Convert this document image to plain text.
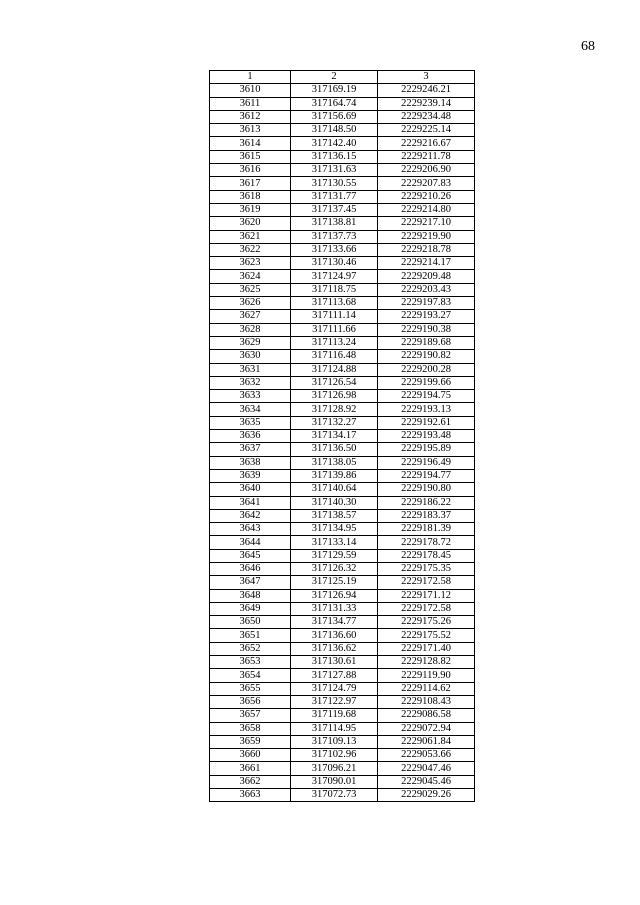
68
1	2	3
3610	317169.19	2229246.21
3611	317164.74	2229239.14
3612	317156.69	2229234.48
3613	317148.50	2229225.14
3614	317142.40	2229216.67
3615	317136.15	2229211.78
3616	317131.63	2229206.90
3617	317130.55	2229207.83
3618	317131.77	2229210.26
3619	317137.45	2229214.80
3620	317138.81	2229217.10
3621	317137.73	2229219.90
3622	317133.66	2229218.78
3623	317130.46	2229214.17
3624	317124.97	2229209.48
3625	317118.75	2229203.43
3626	317113.68	2229197.83
3627	317111.14	2229193.27
3628	317111.66	2229190.38
3629	317113.24	2229189.68
3630	317116.48	2229190.82
3631	317124.88	2229200.28
3632	317126.54	2229199.66
3633	317126.98	2229194.75
3634	317128.92	2229193.13
3635	317132.27	2229192.61
3636	317134.17	2229193.48
3637	317136.50	2229195.89
3638	317138.05	2229196.49
3639	317139.86	2229194.77
3640	317140.64	2229190.80
3641	317140.30	2229186.22
3642	317138.57	2229183.37
3643	317134.95	2229181.39
3644	317133.14	2229178.72
3645	317129.59	2229178.45
3646	317126.32	2229175.35
3647	317125.19	2229172.58
3648	317126.94	2229171.12
3649	317131.33	2229172.58
3650	317134.77	2229175.26
3651	317136.60	2229175.52
3652	317136.62	2229171.40
3653	317130.61	2229128.82
3654	317127.88	2229119.90
3655	317124.79	2229114.62
3656	317122.97	2229108.43
3657	317119.68	2229086.58
3658	317114.95	2229072.94
3659	317109.13	2229061.84
3660	317102.96	2229053.66
3661	317096.21	2229047.46
3662	317090.01	2229045.46
3663	317072.73	2229029.26
